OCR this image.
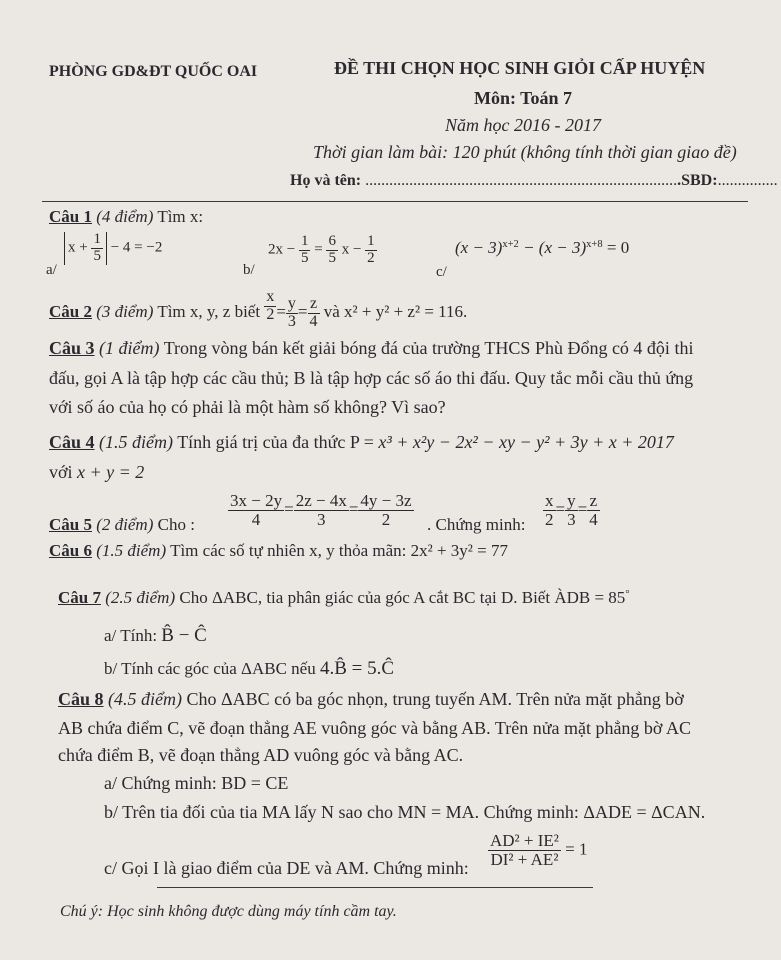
PHÒNG GD&ĐT QUỐC OAI	ĐỀ THI CHỌN HỌC SINH GIỎI CẤP HUYỆN
Môn: Toán 7
Năm học 2016 - 2017
Thời gian làm bài: 120 phút (không tính thời gian giao đề)
Họ và tên: ...............................................................................SBD:...............
Câu 1 (4 điểm) Tìm x:
a/
$x + \frac{1}{5} - 4 = -2$
b/
$2x - \frac{1}{5} = \frac{6}{5}$ $x - \frac{1}{2}$
c/
$(x - 3)^{x+2} - (x - 3)^{x+8} = 0$
Câu 2 (3 điểm) Tìm x, y, z biết $\frac{x}{2} = \frac{y}{3} = \frac{z}{4}$ và x² + y² + z² = 116.
Câu 3 (1 điểm) Trong vòng bán kết giải bóng đá của trường THCS Phù Đổng có 4 đội thi
đấu, gọi A là tập hợp các cầu thủ; B là tập hợp các số áo thi đấu. Quy tắc mỗi cầu thủ ứng
với số áo của họ có phải là một hàm số không? Vì sao?
Câu 4 (1.5 điểm) Tính giá trị của đa thức P = x³ + x²y − 2x² − xy − y² + 3y + x + 2017
với x + y = 2
Câu 5 (2 điểm) Cho : $\frac{3x - 2y}{4} = \frac{2z - 4x}{3} = \frac{4y - 3z}{2}$ . Chứng minh: $\frac{x}{2} = \frac{y}{3} = \frac{z}{4}$
Câu 6 (1.5 điểm) Tìm các số tự nhiên x, y thỏa mãn: 2x² + 3y² = 77
Câu 7 (2.5 điểm) Cho ΔABC, tia phân giác của góc A cắt BC tại D. Biết ÀDB = 85°
a/ Tính: B̂ − Ĉ
b/ Tính các góc của ΔABC nếu 4.B̂ = 5.Ĉ
Câu 8 (4.5 điểm) Cho ΔABC có ba góc nhọn, trung tuyến AM. Trên nửa mặt phẳng bờ
AB chứa điểm C, vẽ đoạn thẳng AE vuông góc và bằng AB. Trên nửa mặt phẳng bờ AC
chứa điểm B, vẽ đoạn thẳng AD vuông góc và bằng AC.
a/ Chứng minh: BD = CE
b/ Trên tia đối của tia MA lấy N sao cho MN = MA. Chứng minh: ΔADE = ΔCAN.
c/ Gọi I là giao điểm của DE và AM. Chứng minh: $\frac{\text{AD² + IE²}}{\text{DI² + AE²}} = 1$
Chú ý: Học sinh không được dùng máy tính cầm tay.
